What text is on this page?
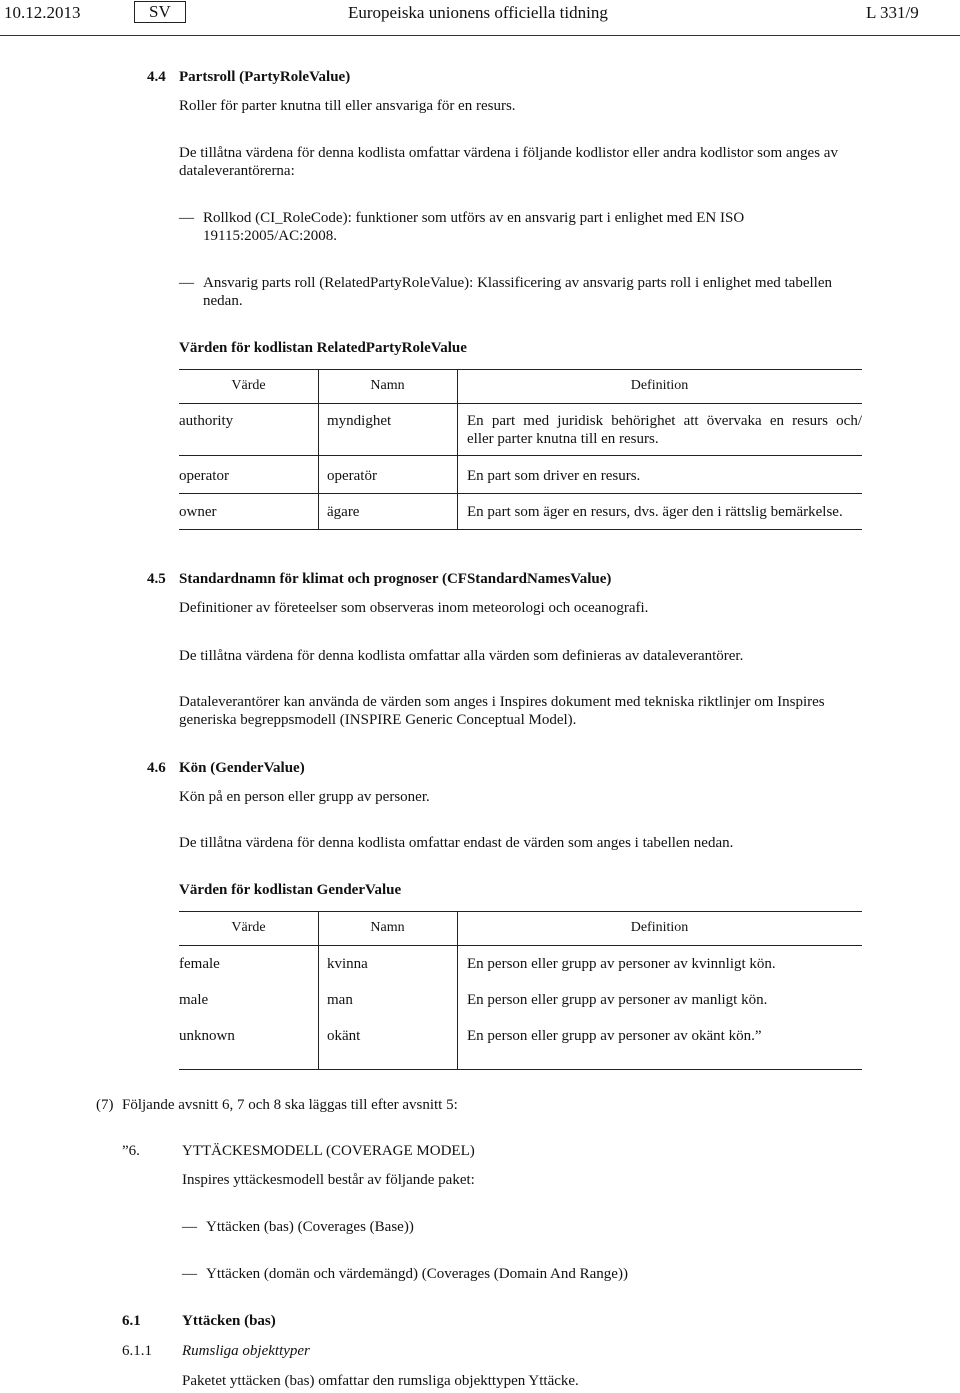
10.12.2013	SV	Europeiska unionens officiella tidning	L 331/9
4.4 Partsroll (PartyRoleValue)
Roller för parter knutna till eller ansvariga för en resurs.
De tillåtna värdena för denna kodlista omfattar värdena i följande kodlistor eller andra kodlistor som anges av dataleverantörerna:
— Rollkod (CI_RoleCode): funktioner som utförs av en ansvarig part i enlighet med EN ISO 19115:2005/AC:2008.
— Ansvarig parts roll (RelatedPartyRoleValue): Klassificering av ansvarig parts roll i enlighet med tabellen nedan.
Värden för kodlistan RelatedPartyRoleValue
Värde	Namn	Definition
authority	myndighet	En part med juridisk behörighet att övervaka en resurs och/
eller parter knutna till en resurs.
operator	operatör	En part som driver en resurs.
owner	ägare	En part som äger en resurs, dvs. äger den i rättslig bemärkelse.
4.5 Standardnamn för klimat och prognoser (CFStandardNamesValue)
Definitioner av företeelser som observeras inom meteorologi och oceanografi.
De tillåtna värdena för denna kodlista omfattar alla värden som definieras av dataleverantörer.
Dataleverantörer kan använda de värden som anges i Inspires dokument med tekniska riktlinjer om Inspires generiska begreppsmodell (INSPIRE Generic Conceptual Model).
4.6 Kön (GenderValue)
Kön på en person eller grupp av personer.
De tillåtna värdena för denna kodlista omfattar endast de värden som anges i tabellen nedan.
Värden för kodlistan GenderValue
Värde	Namn	Definition
female	kvinna	En person eller grupp av personer av kvinnligt kön.
male	man	En person eller grupp av personer av manligt kön.
unknown	okänt	En person eller grupp av personer av okänt kön.”
(7) Följande avsnitt 6, 7 och 8 ska läggas till efter avsnitt 5:
”6.	YTTÄCKESMODELL (COVERAGE MODEL)
Inspires yttäckesmodell består av följande paket:
— Yttäcken (bas) (Coverages (Base))
— Yttäcken (domän och värdemängd) (Coverages (Domain And Range))
6.1	Yttäcken (bas)
6.1.1 Rumsliga objekttyper
Paketet yttäcken (bas) omfattar den rumsliga objekttypen Yttäcke.
